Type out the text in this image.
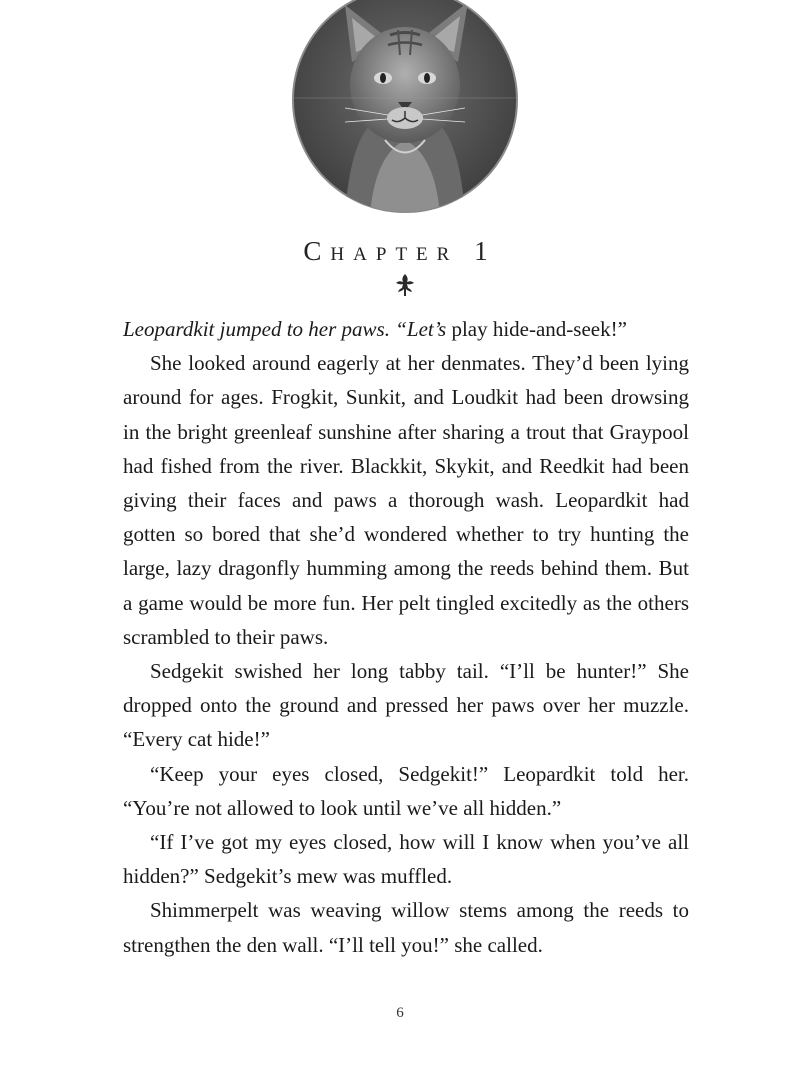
Chapter 1

Leopardkit jumped to her paws. “Let’s play hide-and-seek!”

She looked around eagerly at her denmates. They’d been lying around for ages. Frogkit, Sunkit, and Loudkit had been drowsing in the bright greenleaf sunshine after sharing a trout that Graypool had fished from the river. Blackkit, Skykit, and Reedkit had been giving their faces and paws a thorough wash. Leopardkit had gotten so bored that she’d wondered whether to try hunting the large, lazy dragonfly humming among the reeds behind them. But a game would be more fun. Her pelt tingled excitedly as the others scrambled to their paws.

Sedgekit swished her long tabby tail. “I’ll be hunter!” She dropped onto the ground and pressed her paws over her muzzle. “Every cat hide!”

“Keep your eyes closed, Sedgekit!” Leopardkit told her. “You’re not allowed to look until we’ve all hidden.”

“If I’ve got my eyes closed, how will I know when you’ve all hidden?” Sedgekit’s mew was muffled.

Shimmerpelt was weaving willow stems among the reeds to strengthen the den wall. “I’ll tell you!” she called.

6
